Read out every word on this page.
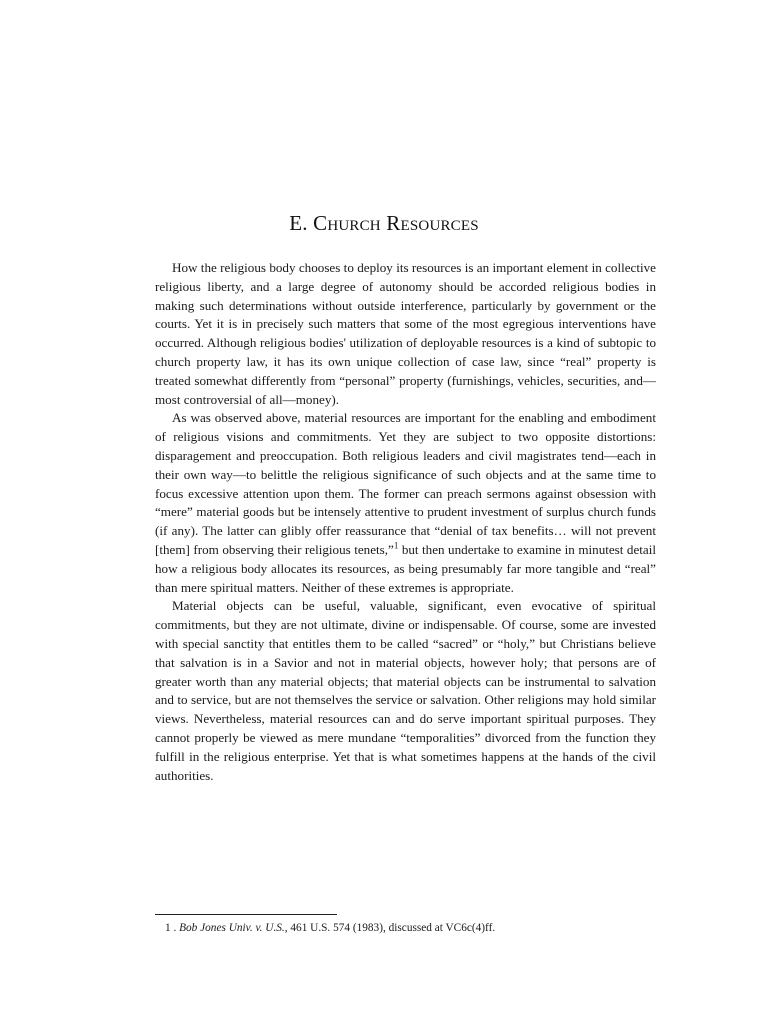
E. Church Resources

How the religious body chooses to deploy its resources is an important element in collective religious liberty, and a large degree of autonomy should be accorded religious bodies in making such determinations without outside interference, particularly by government or the courts. Yet it is in precisely such matters that some of the most egregious interventions have occurred. Although religious bodies' utilization of deployable resources is a kind of subtopic to church property law, it has its own unique collection of case law, since “real” property is treated somewhat differently from “personal” property (furnishings, vehicles, securities, and—most controversial of all—money).

As was observed above, material resources are important for the enabling and embodiment of religious visions and commitments. Yet they are subject to two opposite distortions: disparagement and preoccupation. Both religious leaders and civil magistrates tend—each in their own way—to belittle the religious significance of such objects and at the same time to focus excessive attention upon them. The former can preach sermons against obsession with “mere” material goods but be intensely attentive to prudent investment of surplus church funds (if any). The latter can glibly offer reassurance that “denial of tax benefits… will not prevent [them] from observing their religious tenets,”$^1$ but then undertake to examine in minutest detail how a religious body allocates its resources, as being presumably far more tangible and “real” than mere spiritual matters. Neither of these extremes is appropriate.

Material objects can be useful, valuable, significant, even evocative of spiritual commitments, but they are not ultimate, divine or indispensable. Of course, some are invested with special sanctity that entitles them to be called “sacred” or “holy,” but Christians believe that salvation is in a Savior and not in material objects, however holy; that persons are of greater worth than any material objects; that material objects can be instrumental to salvation and to service, but are not themselves the service or salvation. Other religions may hold similar views. Nevertheless, material resources can and do serve important spiritual purposes. They cannot properly be viewed as mere mundane “temporalities” divorced from the function they fulfill in the religious enterprise. Yet that is what sometimes happens at the hands of the civil authorities.

1 . Bob Jones Univ. v. U.S., 461 U.S. 574 (1983), discussed at VC6c(4)ff.
